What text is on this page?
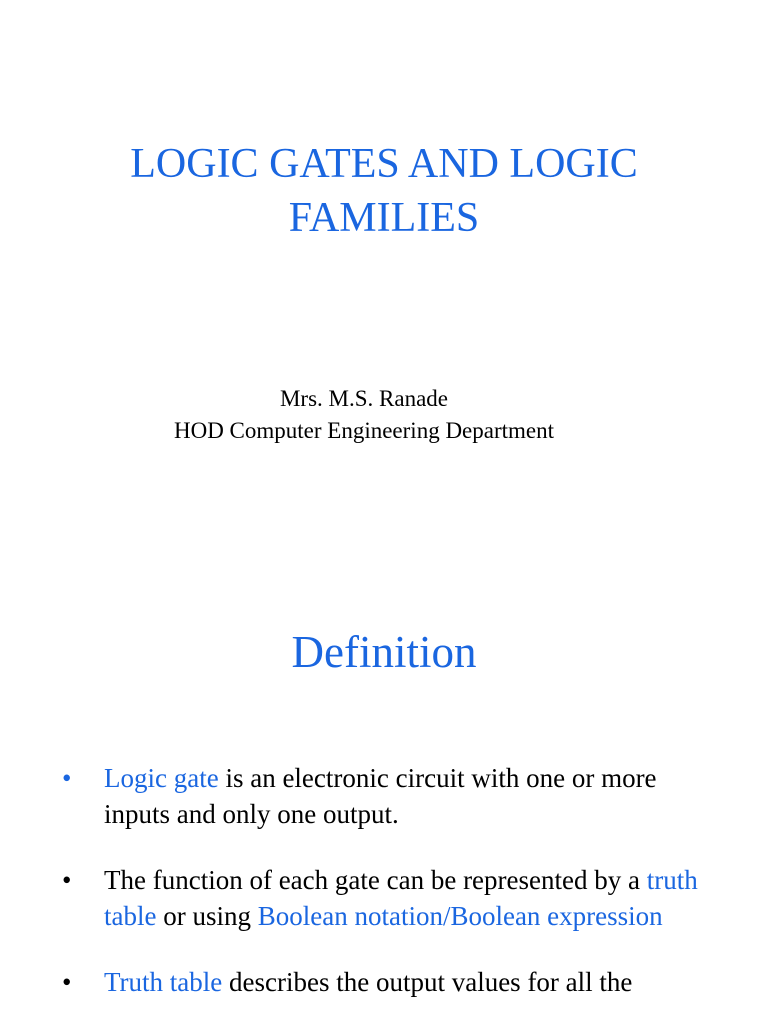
LOGIC GATES AND LOGIC
FAMILIES
Mrs. M.S. Ranade
HOD Computer Engineering Department
Definition
• Logic gate is an electronic circuit with one or more inputs and only one output.
• The function of each gate can be represented by a truth table or using Boolean notation/Boolean expression
• Truth table describes the output values for all the
